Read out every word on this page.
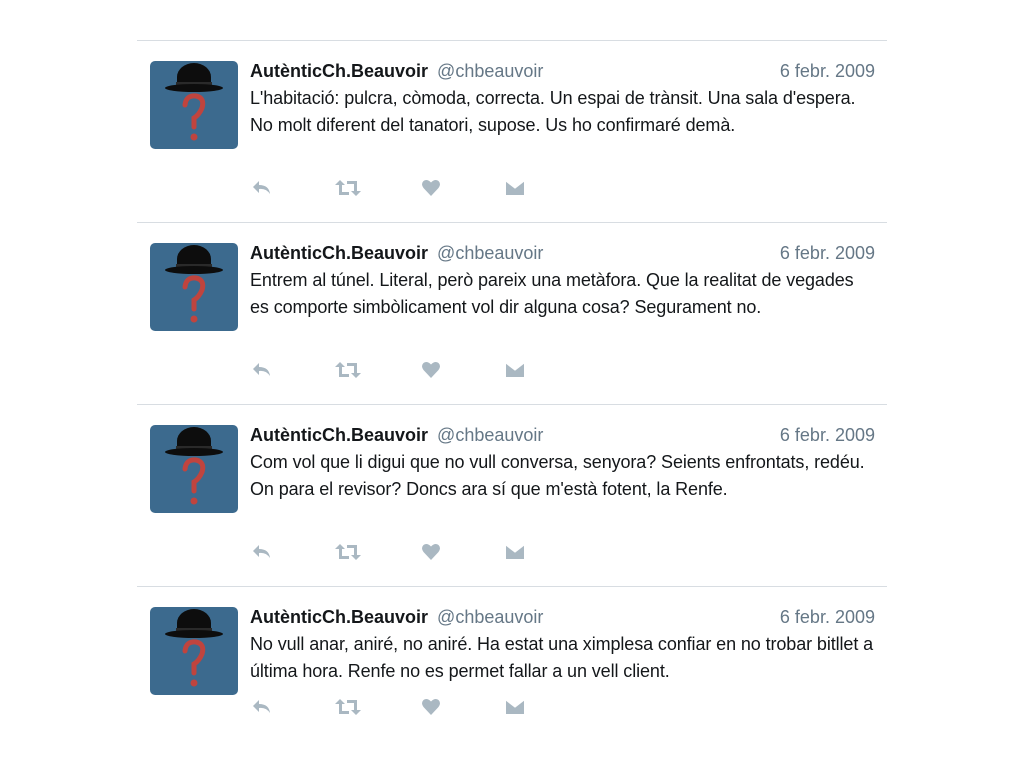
AutènticCh.Beauvoir @chbeauvoir	6 febr. 2009
L'habitació: pulcra, còmoda, correcta. Un espai de trànsit. Una sala d'espera. No molt diferent del tanatori, supose. Us ho confirmaré demà.
AutènticCh.Beauvoir @chbeauvoir	6 febr. 2009
Entrem al túnel. Literal, però pareix una metàfora. Que la realitat de vegades es comporte simbòlicament vol dir alguna cosa? Segurament no.
AutènticCh.Beauvoir @chbeauvoir	6 febr. 2009
Com vol que li digui que no vull conversa, senyora? Seients enfrontats, redéu. On para el revisor? Doncs ara sí que m'està fotent, la Renfe.
AutènticCh.Beauvoir @chbeauvoir	6 febr. 2009
No vull anar, aniré, no aniré. Ha estat una ximplesa confiar en no trobar bitllet a última hora. Renfe no es permet fallar a un vell client.
